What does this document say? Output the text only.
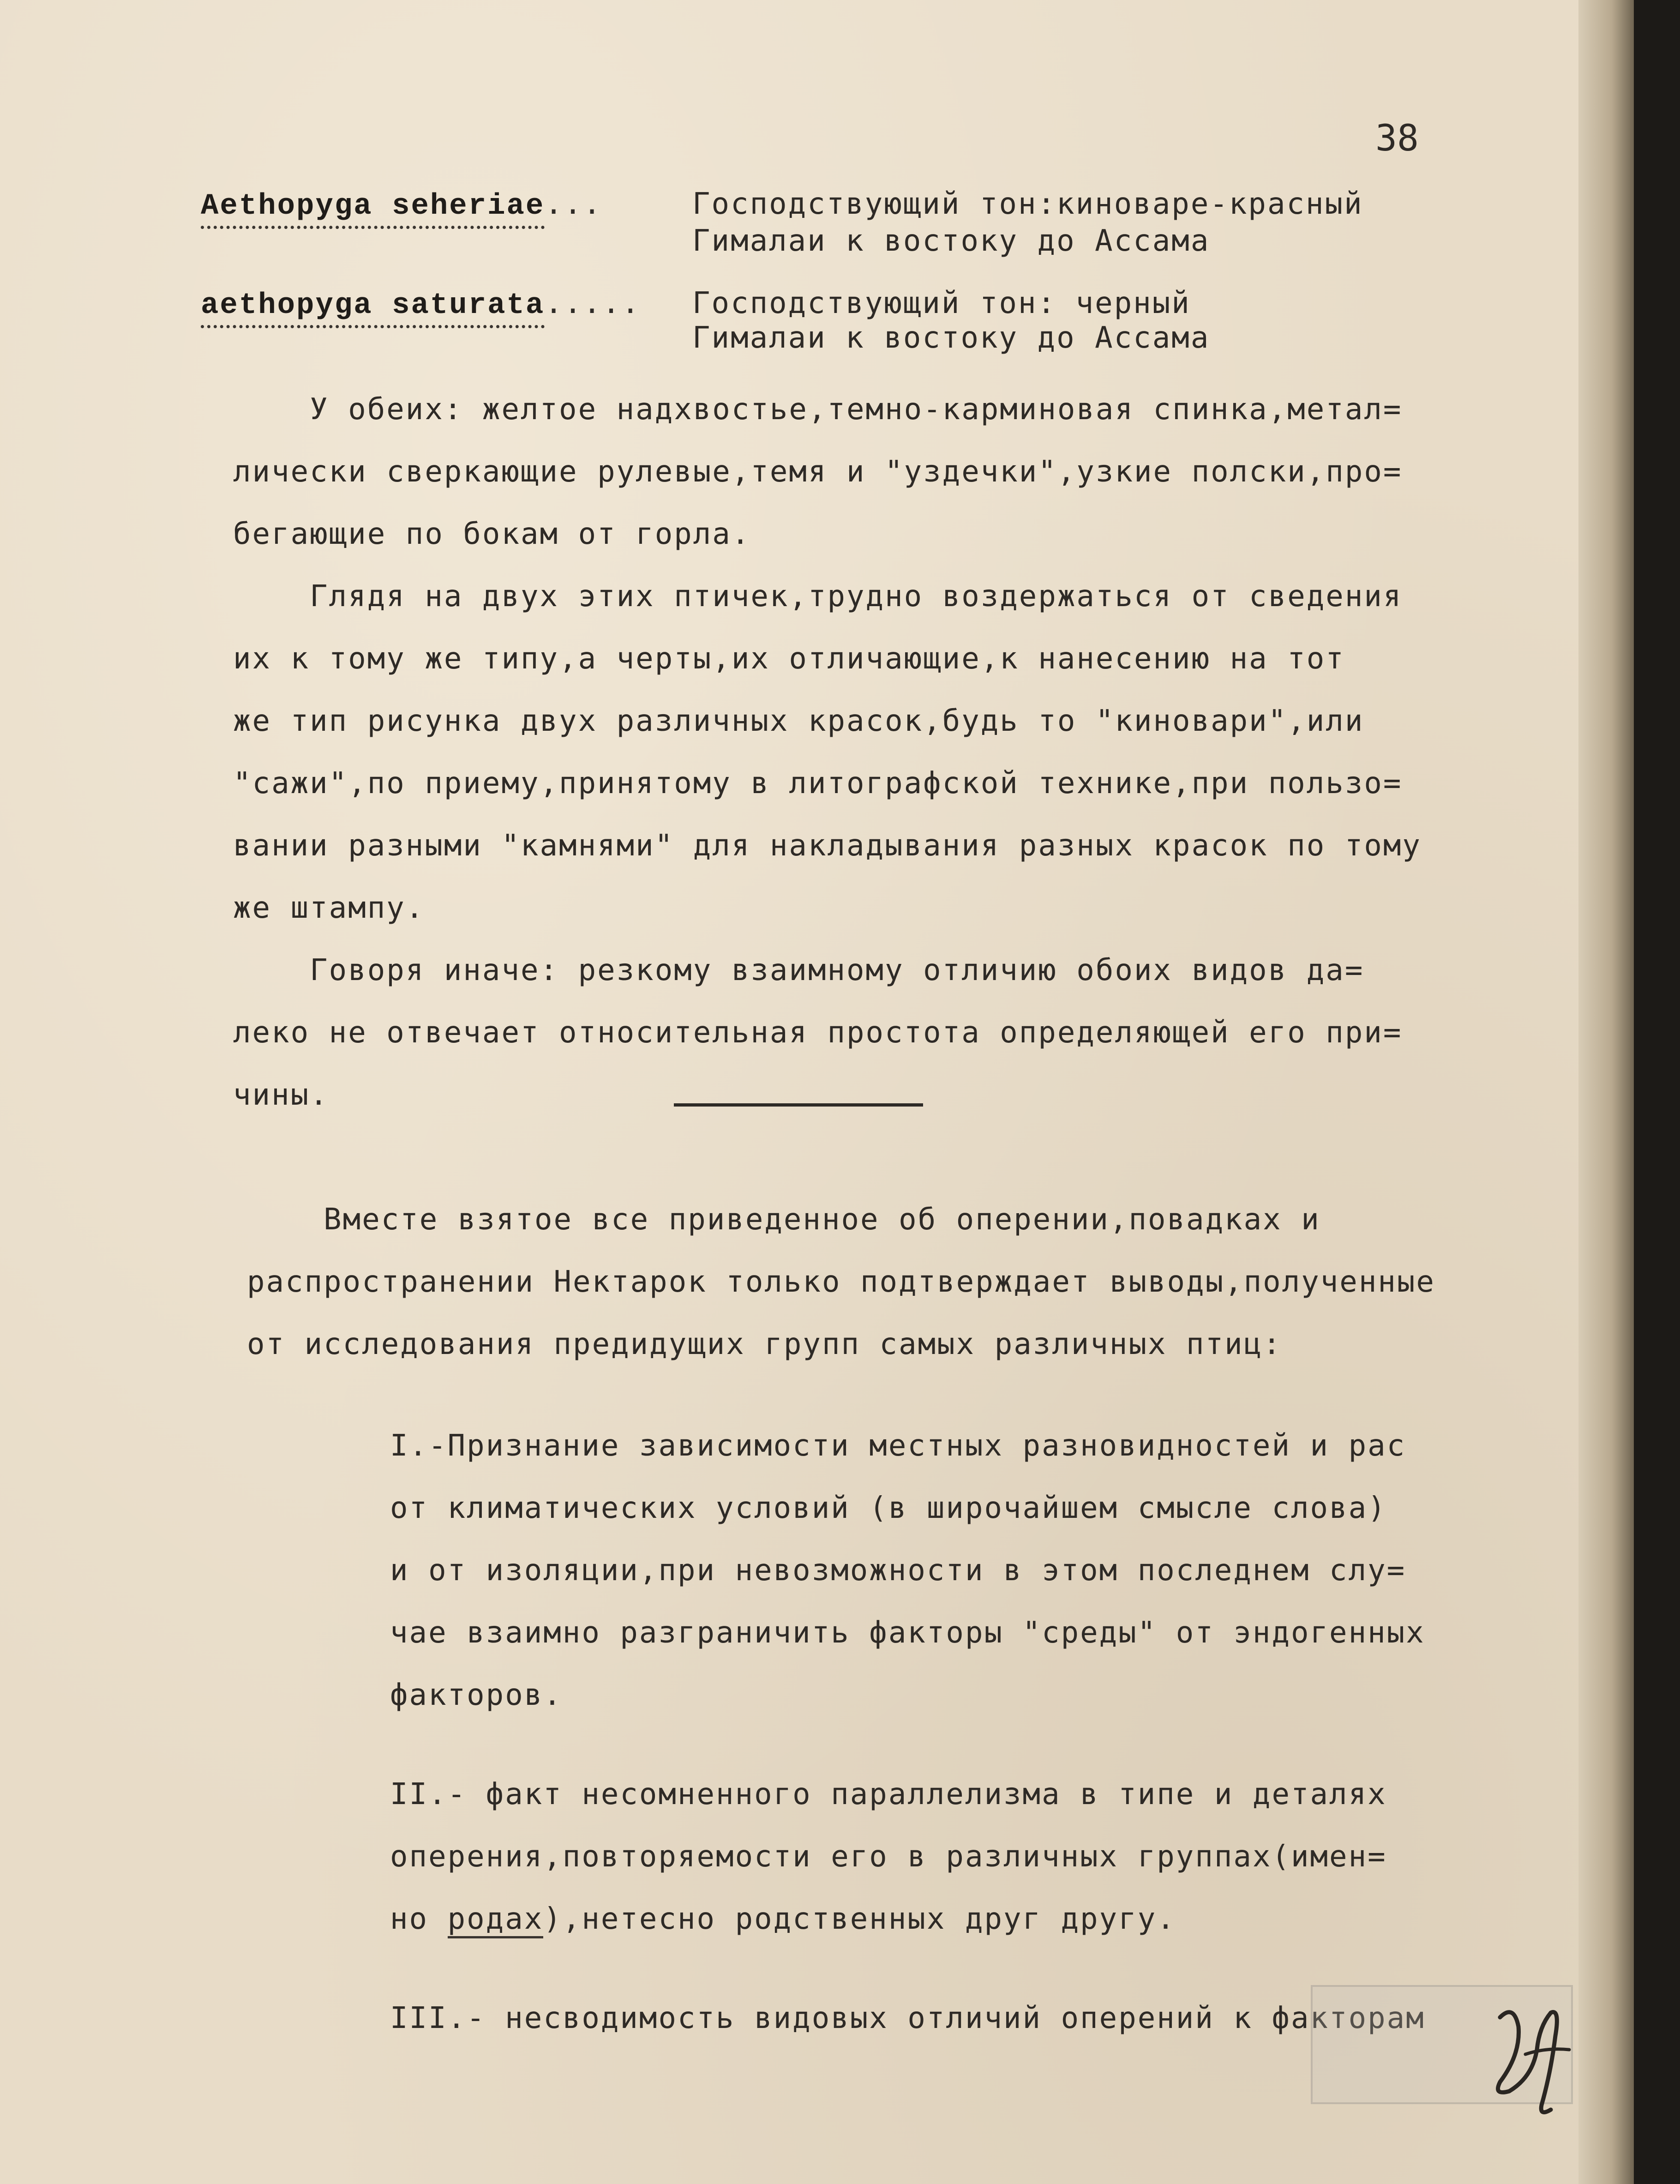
38
Aethopyga seheriae...	Господствующий тон:киноваре-красный
Гималаи к востоку до Ассама
aethopyga saturata..... Господствующий тон: черный
Гималаи к востоку до Ассама
У обеих: желтое надхвостье,темно-карминовая спинка,метал=
лически сверкающие рулевые,темя и "уздечки",узкие полски,про=
бегающие по бокам от горла.
Глядя на двух этих птичек,трудно воздержаться от сведения
их к тому же типу,а черты,их отличающие,к нанесению на тот
же тип рисунка двух различных красок,будь то "киновари",или
"сажи",по приему,принятому в литографской технике,при пользо=
вании разными "камнями" для накладывания разных красок по тому
же штампу.
Говоря иначе: резкому взаимному отличию обоих видов да=
леко не отвечает относительная простота определяющей его при=
чины.
Вместе взятое все приведенное об оперении,повадках и
распространении Нектарок только подтверждает выводы,полученные
от исследования предидущих групп самых различных птиц:
I.-Признание зависимости местных разновидностей и рас
от климатических условий (в широчайшем смысле слова)
и от изоляции,при невозможности в этом последнем слу=
чае взаимно разграничить факторы "среды" от эндогенных
факторов.
II.- факт несомненного параллелизма в типе и деталях
оперения,повторяемости его в различных группах(имен=
но родах),нетесно родственных друг другу.
III.- несводимость видовых отличий оперений к факторам
